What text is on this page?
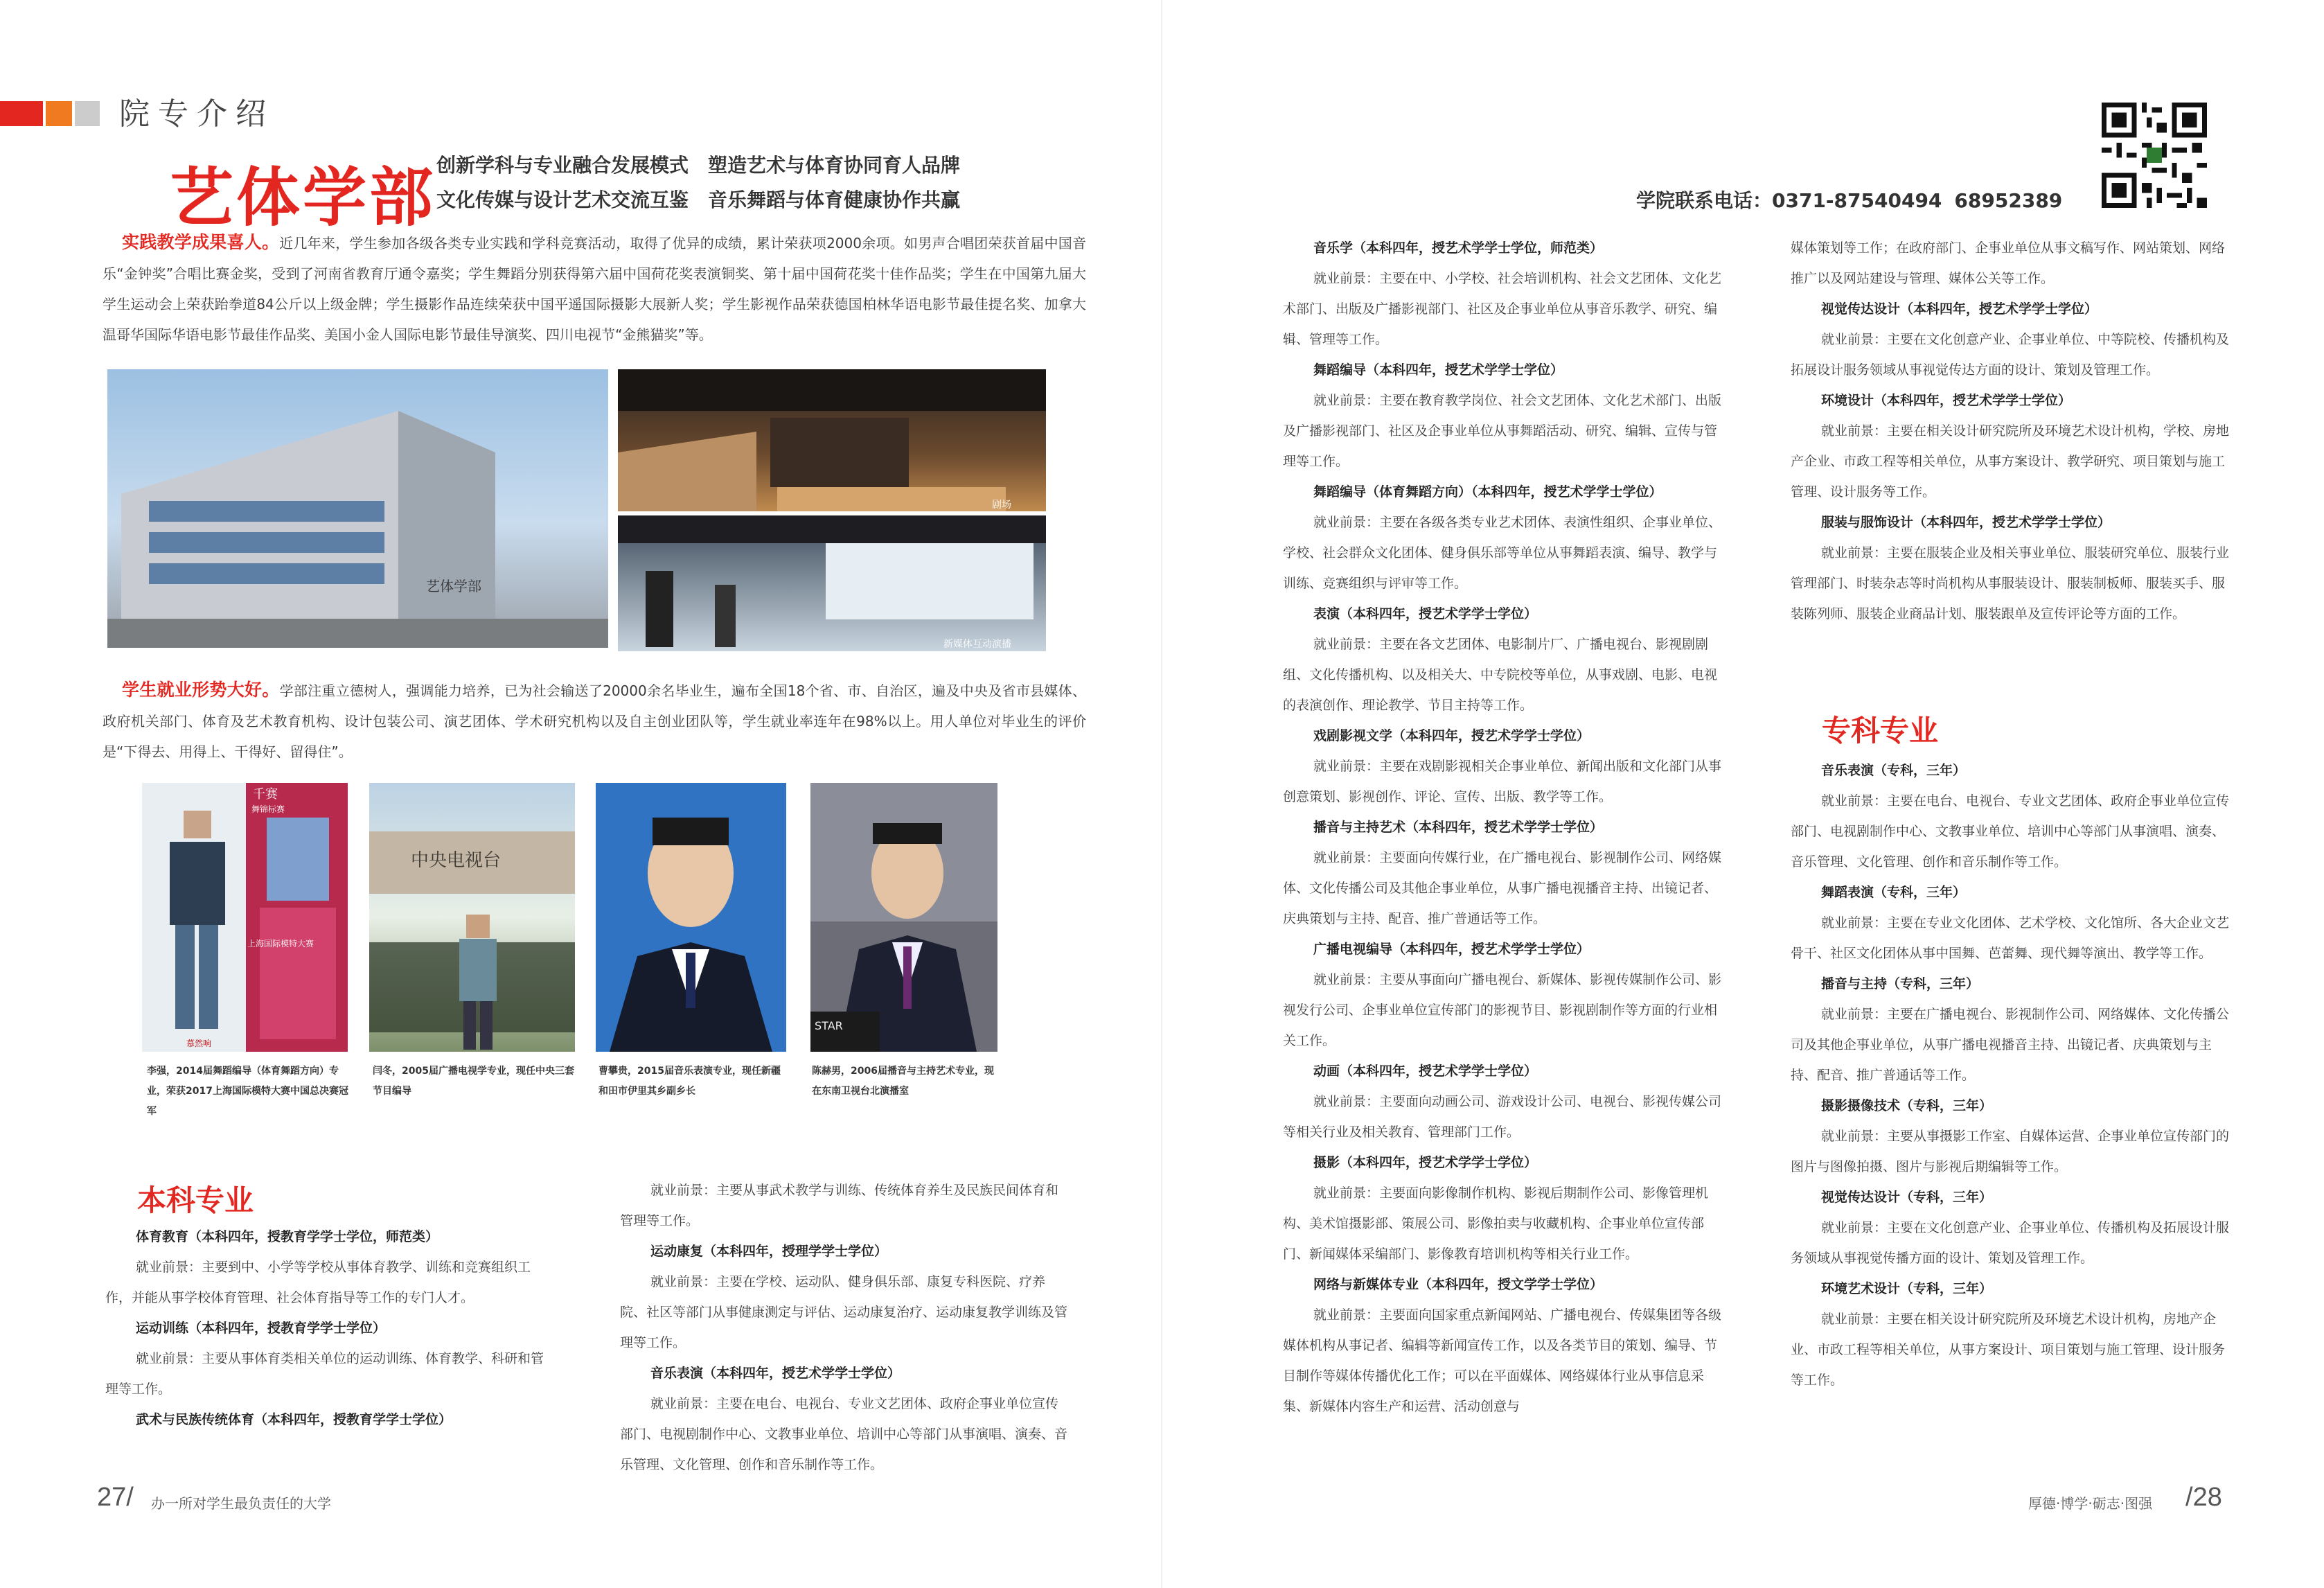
院专介绍
艺体学部 创新学科与专业融合发展模式　塑造艺术与体育协同育人品牌
文化传媒与设计艺术交流互鉴　音乐舞蹈与体育健康协作共赢	学院联系电话：0371-87540494 68952389
实践教学成果喜人。近几年来，学生参加各级各类专业实践和学科竞赛活动，取得了优异的成绩，累计荣获项2000余项。如男声合唱团荣获首届中国音乐“金钟奖”合唱比赛金奖，受到了河南省教育厅通令嘉奖；学生舞蹈分别获得第六届中国荷花奖表演铜奖、第十届中国荷花奖十佳作品奖；学生在中国第九届大学生运动会上荣获跆拳道84公斤以上级金牌；学生摄影作品连续荣获中国平遥国际摄影大展新人奖；学生影视作品荣获德国柏林华语电影节最佳提名奖、加拿大温哥华国际华语电影节最佳作品奖、美国小金人国际电影节最佳导演奖、四川电视节“金熊猫奖”等。
艺体学部
剧场
新媒体互动演播
学生就业形势大好。学部注重立德树人，强调能力培养，已为社会输送了20000余名毕业生，遍布全国18个省、市、自治区，遍及中央及省市县媒体、政府机关部门、体育及艺术教育机构、设计包装公司、演艺团体、学术研究机构以及自主创业团队等，学生就业率连年在98%以上。用人单位对毕业生的评价是“下得去、用得上、干得好、留得住”。
千赛
舞锦标赛
上海国际模特大赛
慕然响
中央电视台
STAR
李强，2014届舞蹈编导（体育舞蹈方向）专业，荣获2017上海国际模特大赛中国总决赛冠军
闫冬，2005届广播电视学专业，现任中央三套节目编导
曹攀贵，2015届音乐表演专业，现任新疆和田市伊里其乡副乡长
陈赫男，2006届播音与主持艺术专业，现在东南卫视台北演播室
本科专业
体育教育（本科四年，授教育学学士学位，师范类）
就业前景：主要到中、小学等学校从事体育教学、训练和竞赛组织工作，并能从事学校体育管理、社会体育指导等工作的专门人才。
运动训练（本科四年，授教育学学士学位）
就业前景：主要从事体育类相关单位的运动训练、体育教学、科研和管理等工作。
武术与民族传统体育（本科四年，授教育学学士学位）
就业前景：主要从事武术教学与训练、传统体育养生及民族民间体育和管理等工作。
运动康复（本科四年，授理学学士学位）
就业前景：主要在学校、运动队、健身俱乐部、康复专科医院、疗养院、社区等部门从事健康测定与评估、运动康复治疗、运动康复教学训练及管理等工作。
音乐表演（本科四年，授艺术学学士学位）
就业前景：主要在电台、电视台、专业文艺团体、政府企事业单位宣传部门、电视剧制作中心、文教事业单位、培训中心等部门从事演唱、演奏、音乐管理、文化管理、创作和音乐制作等工作。
音乐学（本科四年，授艺术学学士学位，师范类）
就业前景：主要在中、小学校、社会培训机构、社会文艺团体、文化艺术部门、出版及广播影视部门、社区及企事业单位从事音乐教学、研究、编辑、管理等工作。
舞蹈编导（本科四年，授艺术学学士学位）
就业前景：主要在教育教学岗位、社会文艺团体、文化艺术部门、出版及广播影视部门、社区及企事业单位从事舞蹈活动、研究、编辑、宣传与管理等工作。
舞蹈编导（体育舞蹈方向）（本科四年，授艺术学学士学位）
就业前景：主要在各级各类专业艺术团体、表演性组织、企事业单位、学校、社会群众文化团体、健身俱乐部等单位从事舞蹈表演、编导、教学与训练、竞赛组织与评审等工作。
表演（本科四年，授艺术学学士学位）
就业前景：主要在各文艺团体、电影制片厂、广播电视台、影视剧剧组、文化传播机构、以及相关大、中专院校等单位，从事戏剧、电影、电视的表演创作、理论教学、节目主持等工作。
戏剧影视文学（本科四年，授艺术学学士学位）
就业前景：主要在戏剧影视相关企事业单位、新闻出版和文化部门从事创意策划、影视创作、评论、宣传、出版、教学等工作。
播音与主持艺术（本科四年，授艺术学学士学位）
就业前景：主要面向传媒行业，在广播电视台、影视制作公司、网络媒体、文化传播公司及其他企事业单位，从事广播电视播音主持、出镜记者、庆典策划与主持、配音、推广普通话等工作。
广播电视编导（本科四年，授艺术学学士学位）
就业前景：主要从事面向广播电视台、新媒体、影视传媒制作公司、影视发行公司、企事业单位宣传部门的影视节目、影视剧制作等方面的行业相关工作。
动画（本科四年，授艺术学学士学位）
就业前景：主要面向动画公司、游戏设计公司、电视台、影视传媒公司等相关行业及相关教育、管理部门工作。
摄影（本科四年，授艺术学学士学位）
就业前景：主要面向影像制作机构、影视后期制作公司、影像管理机构、美术馆摄影部、策展公司、影像拍卖与收藏机构、企事业单位宣传部门、新闻媒体采编部门、影像教育培训机构等相关行业工作。
网络与新媒体专业（本科四年，授文学学士学位）
就业前景：主要面向国家重点新闻网站、广播电视台、传媒集团等各级媒体机构从事记者、编辑等新闻宣传工作，以及各类节目的策划、编导、节目制作等媒体传播优化工作；可以在平面媒体、网络媒体行业从事信息采集、新媒体内容生产和运营、活动创意与
媒体策划等工作；在政府部门、企事业单位从事文稿写作、网站策划、网络推广以及网站建设与管理、媒体公关等工作。
视觉传达设计（本科四年，授艺术学学士学位）
就业前景：主要在文化创意产业、企事业单位、中等院校、传播机构及拓展设计服务领域从事视觉传达方面的设计、策划及管理工作。
环境设计（本科四年，授艺术学学士学位）
就业前景：主要在相关设计研究院所及环境艺术设计机构，学校、房地产企业、市政工程等相关单位，从事方案设计、教学研究、项目策划与施工管理、设计服务等工作。
服装与服饰设计（本科四年，授艺术学学士学位）
就业前景：主要在服装企业及相关事业单位、服装研究单位、服装行业管理部门、时装杂志等时尚机构从事服装设计、服装制板师、服装买手、服装陈列师、服装企业商品计划、服装跟单及宣传评论等方面的工作。
专科专业
音乐表演（专科，三年）
就业前景：主要在电台、电视台、专业文艺团体、政府企事业单位宣传部门、电视剧制作中心、文教事业单位、培训中心等部门从事演唱、演奏、音乐管理、文化管理、创作和音乐制作等工作。
舞蹈表演（专科，三年）
就业前景：主要在专业文化团体、艺术学校、文化馆所、各大企业文艺骨干、社区文化团体从事中国舞、芭蕾舞、现代舞等演出、教学等工作。
播音与主持（专科，三年）
就业前景：主要在广播电视台、影视制作公司、网络媒体、文化传播公司及其他企事业单位，从事广播电视播音主持、出镜记者、庆典策划与主持、配音、推广普通话等工作。
摄影摄像技术（专科，三年）
就业前景：主要从事摄影工作室、自媒体运营、企事业单位宣传部门的图片与图像拍摄、图片与影视后期编辑等工作。
视觉传达设计（专科，三年）
就业前景：主要在文化创意产业、企事业单位、传播机构及拓展设计服务领域从事视觉传播方面的设计、策划及管理工作。
环境艺术设计（专科，三年）
就业前景：主要在相关设计研究院所及环境艺术设计机构，房地产企业、市政工程等相关单位，从事方案设计、项目策划与施工管理、设计服务等工作。
27/ 办一所对学生最负责任的大学	厚德·博学·砺志·图强 /28
